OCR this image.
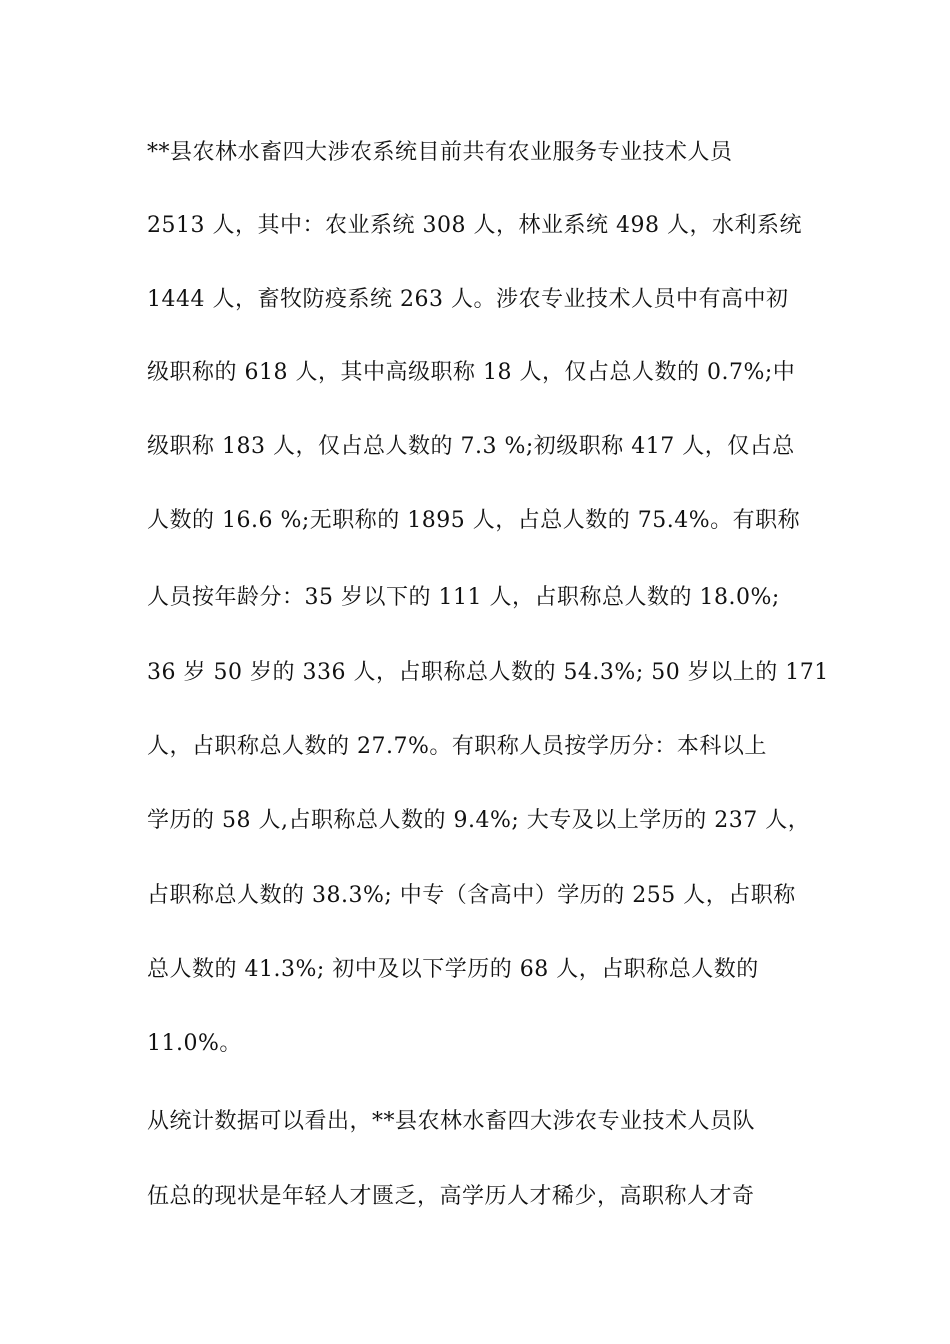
**县农林水畜四大涉农系统目前共有农业服务专业技术人员
2513 人，其中：农业系统 308 人，林业系统 498 人，水利系统
1444 人，畜牧防疫系统 263 人。涉农专业技术人员中有高中初
级职称的 618 人，其中高级职称 18 人，仅占总人数的 0.7%;中
级职称 183 人，仅占总人数的 7.3 %;初级职称 417 人，仅占总
人数的 16.6 %;无职称的 1895 人，占总人数的 75.4%。有职称
人员按年龄分：35 岁以下的 111 人，占职称总人数的 18.0%;
36 岁 50 岁的 336 人，占职称总人数的 54.3%; 50 岁以上的 171
人，占职称总人数的 27.7%。有职称人员按学历分：本科以上
学历的 58 人,占职称总人数的 9.4%; 大专及以上学历的 237 人，
占职称总人数的 38.3%; 中专（含高中）学历的 255 人，占职称
总人数的 41.3%; 初中及以下学历的 68 人，占职称总人数的
11.0%。
从统计数据可以看出，**县农林水畜四大涉农专业技术人员队
伍总的现状是年轻人才匮乏，高学历人才稀少，高职称人才奇
